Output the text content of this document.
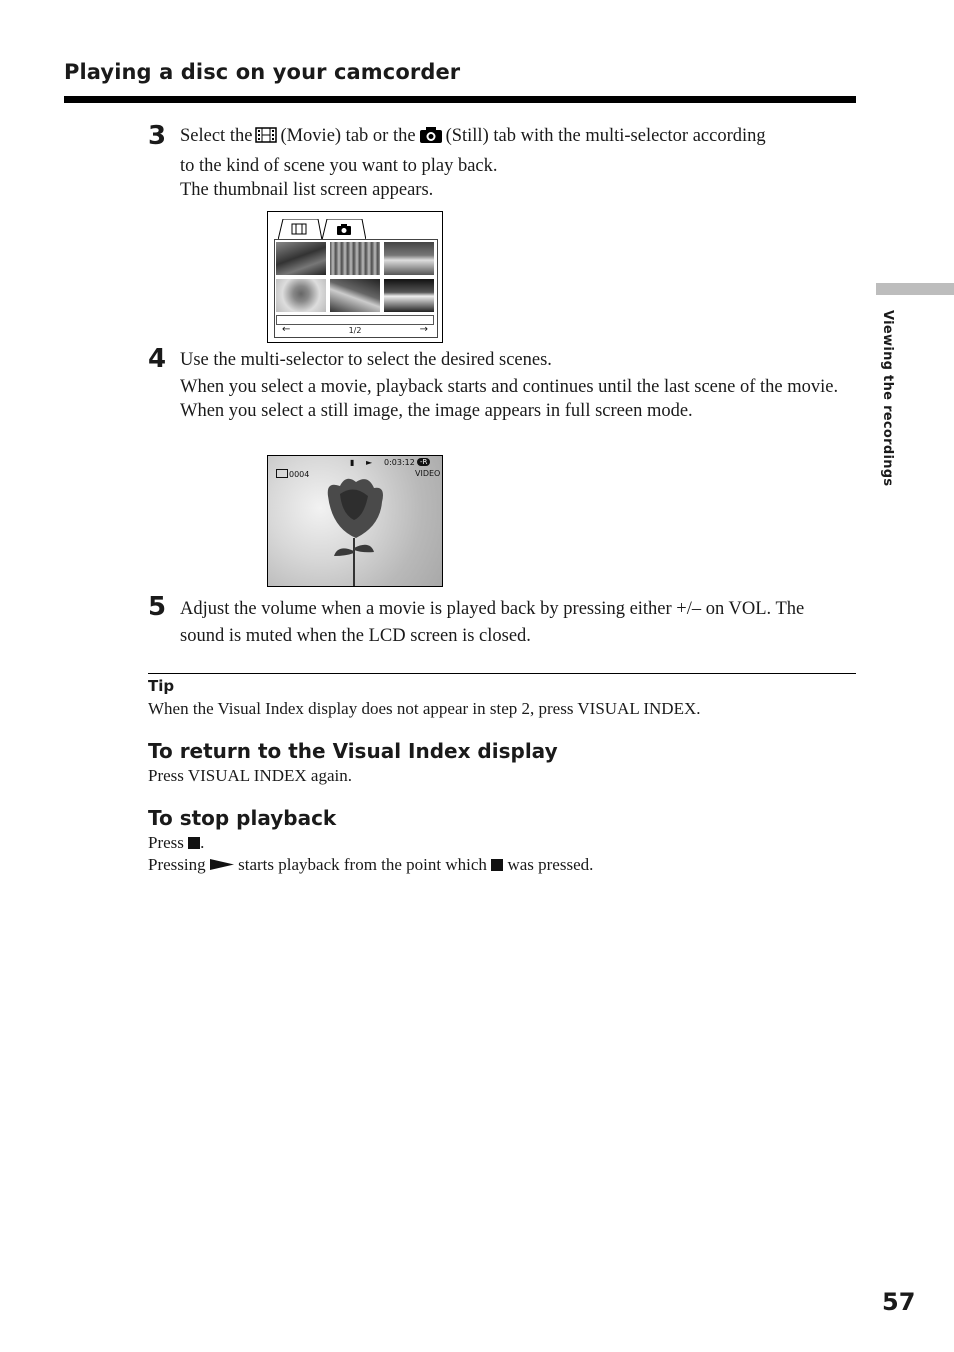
Playing a disc on your camcorder
Viewing the recordings
3 Select the (Movie) tab or the (Still) tab with the multi-selector according
to the kind of scene you want to play back.
The thumbnail list screen appears.
←	1/2	→
4 Use the multi-selector to select the desired scenes.
When you select a movie, playback starts and continues until the last scene of the movie. When you select a still image, the image appears in full screen mode.
0004
▮ ► 0:03:12 -R
VIDEO
5 Adjust the volume when a movie is played back by pressing either +/– on VOL. The sound is muted when the LCD screen is closed.
Tip
When the Visual Index display does not appear in step 2, press VISUAL INDEX.
To return to the Visual Index display
Press VISUAL INDEX again.
To stop playback
Press .
Pressing starts playback from the point which was pressed.
57
